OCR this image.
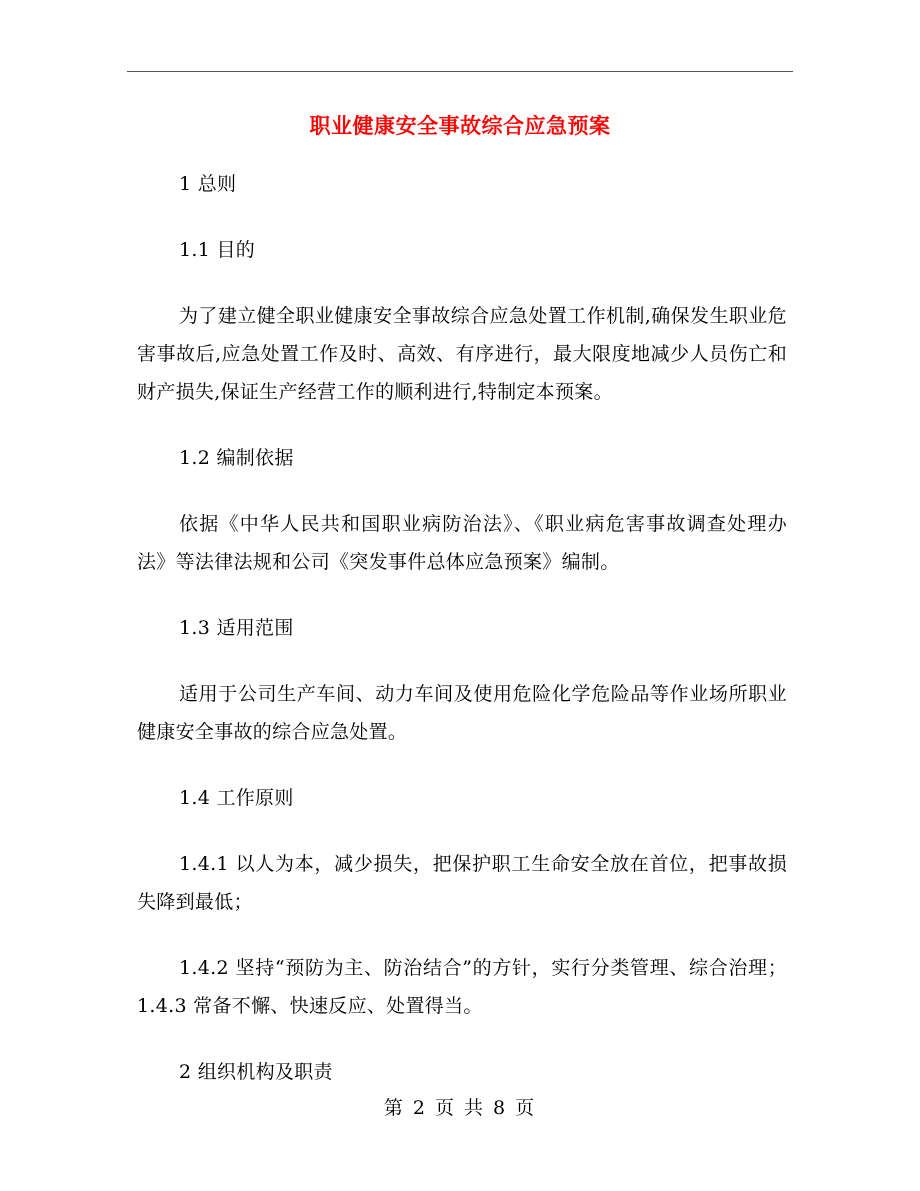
职业健康安全事故综合应急预案

1 总则

1.1 目的

为了建立健全职业健康安全事故综合应急处置工作机制,确保发生职业危害事故后,应急处置工作及时、高效、有序进行，最大限度地减少人员伤亡和财产损失,保证生产经营工作的顺利进行,特制定本预案。

1.2 编制依据

依据《中华人民共和国职业病防治法》、《职业病危害事故调查处理办法》等法律法规和公司《突发事件总体应急预案》编制。

1.3 适用范围

适用于公司生产车间、动力车间及使用危险化学危险品等作业场所职业健康安全事故的综合应急处置。

1.4 工作原则

1.4.1 以人为本，减少损失，把保护职工生命安全放在首位，把事故损失降到最低；

1.4.2 坚持“预防为主、防治结合”的方针，实行分类管理、综合治理；1.4.3 常备不懈、快速反应、处置得当。

2 组织机构及职责

第 2 页 共 8 页
